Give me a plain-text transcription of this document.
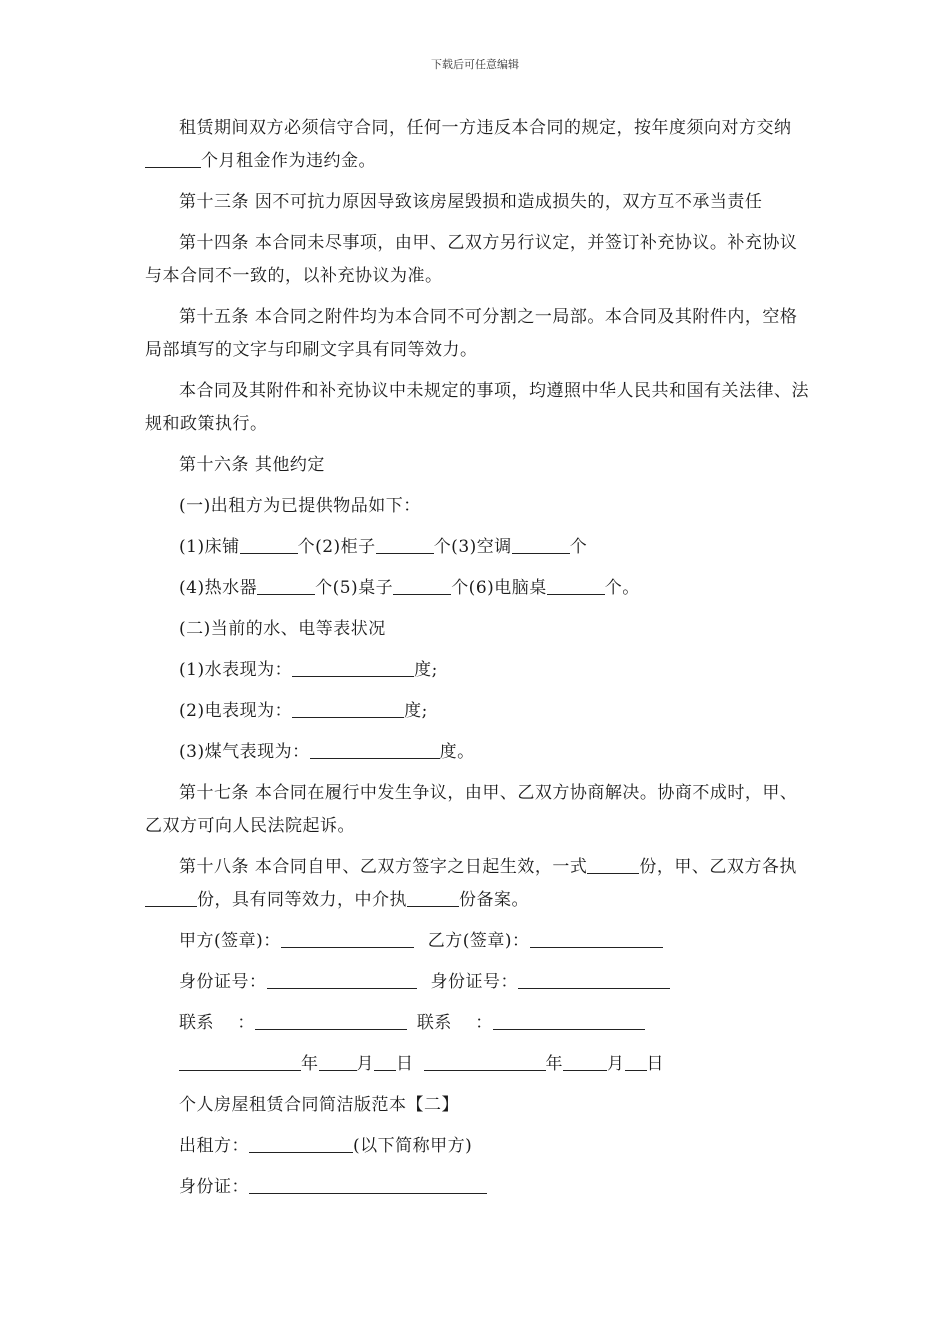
下载后可任意编辑

租赁期间双方必须信守合同，任何一方违反本合同的规定，按年度须向对方交纳个月租金作为违约金。

第十三条 因不可抗力原因导致该房屋毁损和造成损失的，双方互不承当责任

第十四条 本合同未尽事项，由甲、乙双方另行议定，并签订补充协议。补充协议与本合同不一致的，以补充协议为准。

第十五条 本合同之附件均为本合同不可分割之一局部。本合同及其附件内，空格局部填写的文字与印刷文字具有同等效力。

本合同及其附件和补充协议中未规定的事项，均遵照中华人民共和国有关法律、法规和政策执行。

第十六条 其他约定

(一)出租方为已提供物品如下：

(1)床铺	个(2)柜子	个(3)空调	个

(4)热水器	个(5)桌子	个(6)电脑桌	个。

(二)当前的水、电等表状况

(1)水表现为：	度;

(2)电表现为：	度;

(3)煤气表现为：	度。

第十七条 本合同在履行中发生争议，由甲、乙双方协商解决。协商不成时，甲、乙双方可向人民法院起诉。

第十八条 本合同自甲、乙双方签字之日起生效，一式	份，甲、乙双方各执份，具有同等效力，中介执	份备案。

甲方(签章)：	乙方(签章)：

身份证号：	身份证号：

联系　 ：	联系　 ：

年 月 日	年	月 日

个人房屋租赁合同简洁版范本【二】

出租方：	(以下简称甲方)

身份证：
